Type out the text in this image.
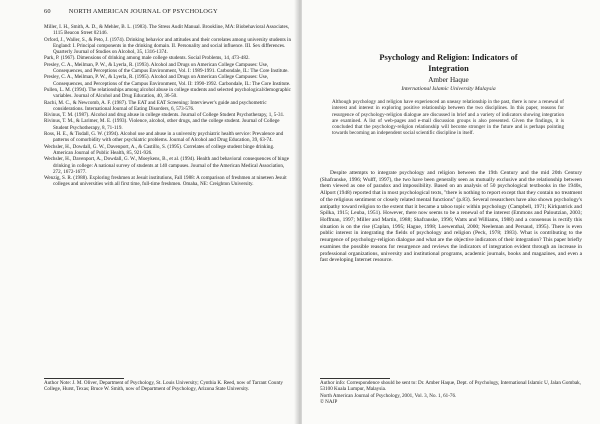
60	NORTH AMERICAN JOURNAL OF PSYCHOLOGY

Miller, I. H., Smith, A. D., & Mehler, B. L. (1983). The Stress Audit Manual. Brookline, MA: Biobehavioral Associates, 1115 Beacon Street 02146.

Orford, J., Waller, S., & Peto, J. (1974). Drinking behavior and attitudes and their correlates among university students in England: I. Principal components in the drinking domain. II. Personality and social influence. III. Sex differences. Quarterly Journal of Studies on Alcohol, 35, 1316-1374.

Park, P. (1967). Dimensions of drinking among male college students. Social Problems, 14, 473-482.

Presley, C. A., Meilman, P. W., & Lyerla, R. (1993). Alcohol and Drugs on American College Campuses: Use, Consequences, and Perceptions of the Campus Environment, Vol. I: 1989-1991. Carbondale, IL: The Core Institute.

Presley, C. A., Meilman, P. W., & Lyerla, R. (1995). Alcohol and Drugs on American College Campuses: Use, Consequences, and Perceptions of the Campus Environment, Vol. II: 1990-1992. Carbondale, IL: The Core Institute.

Pullen, L. M. (1994). The relationships among alcohol abuse in college students and selected psychological/demographic variables. Journal of Alcohol and Drug Education, 40, 36-50.

Rachi, M. C., & Newcomb, A. F. (1987). The EAT and EAT Screening: Interviewer's guide and psychometric considerations. International Journal of Eating Disorders, 6, 573-576.

Rivinus, T. M. (1987). Alcohol and drug abuse in college students. Journal of College Student Psychotherapy, 1, 5-31.

Rivinus, T. M., & Larimer, M. E. (1993). Violence, alcohol, other drugs, and the college student. Journal of College Student Psychotherapy, 8, 71-119.

Ross, H. E., & Tisdall, G. W. (1994). Alcohol use and abuse in a university psychiatric health service: Prevalence and patterns of comorbidity with other psychiatric problems. Journal of Alcohol and Drug Education, 39, 63-74.

Wechsler, H., Dowdall, G. W., Davenport, A., & Castillo, S. (1995). Correlates of college student binge drinking. American Journal of Public Health, 85, 921-926.

Wechsler, H., Davenport, A., Dowdall, G. W., Moeykens, B., et al. (1994). Health and behavioral consequences of binge drinking in college: A national survey of students at 140 campuses. Journal of the American Medical Association, 272, 1672-1677.

Wenzig, S. R. (1988). Exploring freshmen at Jesuit institutions, Fall 1988: A comparison of freshmen at nineteen Jesuit colleges and universities with all first time, full-time freshmen. Omaha, NE: Creighton University.

Author Note: J. M. Oliver, Department of Psychology, St. Louis University; Cynthia K. Reed, now of Tarrant County College, Hurst, Texas; Bruce W. Smith, now of Department of Psychology, Arizona State University.
Psychology and Religion: Indicators of
Integration
Amber Haque
International Islamic University Malaysia
Although psychology and religion have experienced an uneasy relationship in the past, there is now a renewal of interest and interest in exploring positive relationship between the two disciplines. In this paper, reasons for resurgence of psychology-religion dialogue are discussed in brief and a variety of indicators showing integration are examined. A list of web-pages and e-mail discussion groups is also presented. Given the findings, it is concluded that the psychology-religion relationship will become stronger in the future and is perhaps pointing towards becoming an independent social scientific discipline in itself.

Despite attempts to integrate psychology and religion between the 19th Century and the mid 20th Century (Shafranske, 1996; Wulff, 1997), the two have been generally seen as mutually exclusive and the relationship between them viewed as one of paradox and impossibility. Based on an analysis of 50 psychological textbooks in the 1940s, Allport (1948) reported that in most psychological texts, "there is nothing to report except that they contain no treatment of the religious sentiment or closely related mental functions" (p.83). Several researchers have also shown psychology's antipathy toward religion to the extent that it became a taboo topic within psychology (Campbell, 1971; Kirkpatrick and Spilka, 1915; Leuba, 1951). However, there now seems to be a renewal of the interest (Emmons and Paloutzian, 2003; Hoffman, 1997; Miller and Martin, 1988; Shafranske, 1996; Watts and Williams, 1988) and a consensus is rectify this situation is on the rise (Caplan, 1995; Hague, 1998; Loewenthal, 2000; Neeleman and Persaud, 1995). There is even public interest in integrating the fields of psychology and religion (Peck, 1978; 1983). What is contributing to the resurgence of psychology-religion dialogue and what are the objective indicators of their integration? This paper briefly examines the possible reasons for resurgence and reviews the indicators of integration evident through an increase in professional organizations, university and institutional programs, academic journals, books and magazines, and even a fast developing Internet resource.

Author info: Correspondence should be sent to: Dr. Amber Haque, Dept. of Psychology, International Islamic U, Jalan Gombak, 53100 Kuala Lumpur, Malaysia.
North American Journal of Psychology, 2001, Vol. 3, No. 1, 61-76.
© NAJP
